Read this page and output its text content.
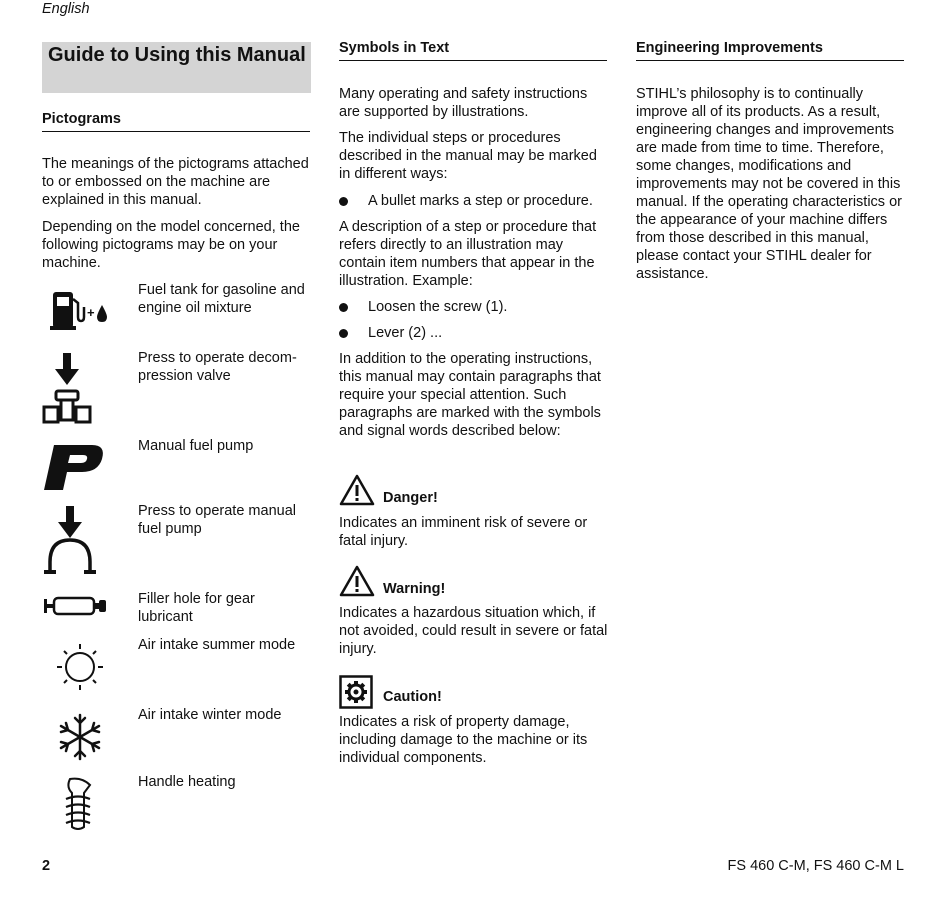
English
Guide to Using this Manual
Pictograms

The meanings of the pictograms attached to or embossed on the machine are explained in this manual.

Depending on the model concerned, the following pictograms may be on your machine.

+
Fuel tank for gasoline and engine oil mixture
Press to operate decom-pression valve
Manual fuel pump
Press to operate manual fuel pump
Filler hole for gear lubricant
Air intake summer mode
Air intake winter mode
Handle heating
Symbols in Text

Many operating and safety instructions are supported by illustrations.

The individual steps or procedures described in the manual may be marked in different ways:

A bullet marks a step or procedure.

A description of a step or procedure that refers directly to an illustration may contain item numbers that appear in the illustration. Example:

Loosen the screw (1).
Lever (2) ...

In addition to the operating instructions, this manual may contain paragraphs that require your special attention. Such paragraphs are marked with the symbols and signal words described below:

Danger!

Indicates an imminent risk of severe or fatal injury.

Warning!

Indicates a hazardous situation which, if not avoided, could result in severe or fatal injury.

Caution!

Indicates a risk of property damage, including damage to the machine or its individual components.

Engineering Improvements

STIHL’s philosophy is to continually improve all of its products. As a result, engineering changes and improvements are made from time to time. Therefore, some changes, modifications and improvements may not be covered in this manual. If the operating characteristics or the appearance of your machine differs from those described in this manual, please contact your STIHL dealer for assistance.

2	FS 460 C-M, FS 460 C-M L
